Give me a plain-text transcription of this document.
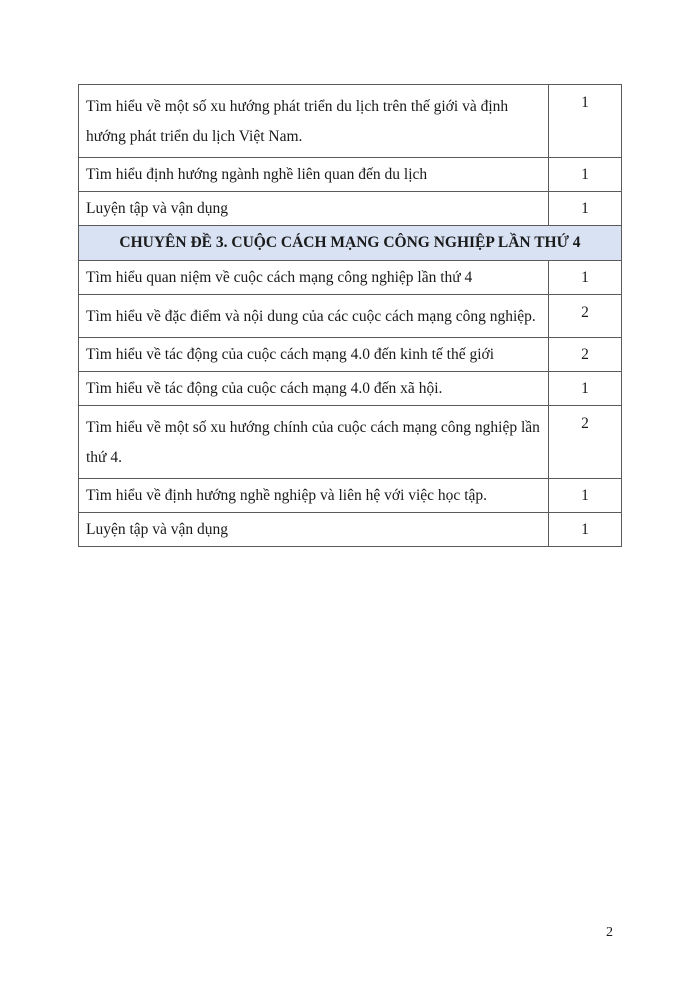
Tìm hiểu về một số xu hướng phát triển du lịch trên thế giới và định hướng phát triển du lịch Việt Nam.	1
Tìm hiểu định hướng ngành nghề liên quan đến du lịch	1
Luyện tập và vận dụng	1
CHUYÊN ĐỀ 3. CUỘC CÁCH MẠNG CÔNG NGHIỆP LẦN THỨ 4	
Tìm hiểu quan niệm về cuộc cách mạng công nghiệp lần thứ 4	1
Tìm hiểu về đặc điểm và nội dung của các cuộc cách mạng công nghiệp.	2
Tìm hiểu về tác động của cuộc cách mạng 4.0 đến kinh tế thế giới	2
Tìm hiểu về tác động của cuộc cách mạng 4.0 đến xã hội.	1
Tìm hiểu về một số xu hướng chính của cuộc cách mạng công nghiệp lần thứ 4.	2
Tìm hiểu về định hướng nghề nghiệp và liên hệ với việc học tập.	1
Luyện tập và vận dụng	1
2
